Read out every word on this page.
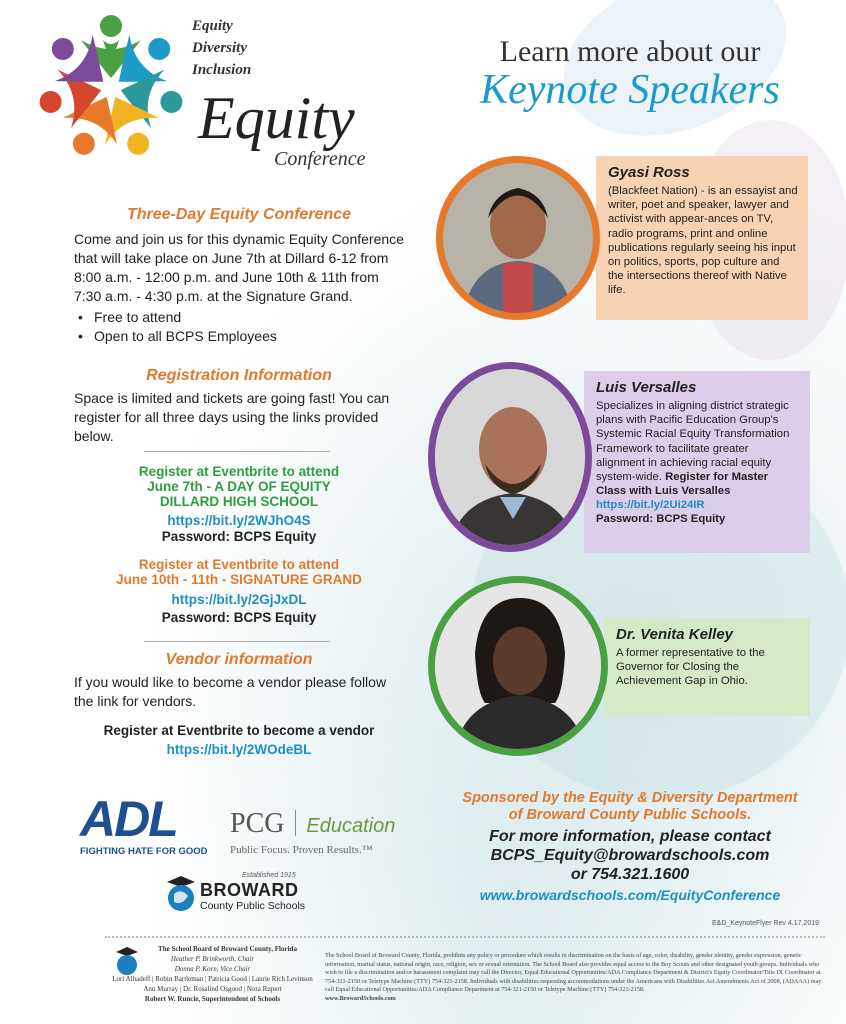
Equity
Diversity
Inclusion
Equity
Conference
Learn more about our
Keynote Speakers
Three-Day Equity Conference
Come and join us for this dynamic Equity Conference that will take place on June 7th at Dillard 6-12 from 8:00 a.m. - 12:00 p.m. and June 10th & 11th from 7:30 a.m. - 4:30 p.m. at the Signature Grand.
• Free to attend
• Open to all BCPS Employees
Registration Information
Space is limited and tickets are going fast! You can register for all three days using the links provided below.
Register at Eventbrite to attend
June 7th - A DAY OF EQUITY
DILLARD HIGH SCHOOL
https://bit.ly/2WJhO4S
Password: BCPS Equity
Register at Eventbrite to attend
June 10th - 11th - SIGNATURE GRAND
https://bit.ly/2GjJxDL
Password: BCPS Equity
Vendor information
If you would like to become a vendor please follow the link for vendors.
Register at Eventbrite to become a vendor
https://bit.ly/2WOdeBL
Gyasi Ross
(Blackfeet Nation) - is an essayist and writer, poet and speaker, lawyer and activist with appear-ances on TV, radio programs, print and online publications regularly seeing his input on politics, sports, pop culture and the intersections thereof with Native life.
Luis Versalles
Specializes in aligning district strategic plans with Pacific Education Group's Systemic Racial Equity Transformation Framework to facilitate greater alignment in achieving racial equity system-wide. Register for Master Class with Luis Versalles
https://bit.ly/2Ui24IR
Password: BCPS Equity
Dr. Venita Kelley
A former representative to the Governor for Closing the Achievement Gap in Ohio.
Sponsored by the Equity & Diversity Department
of Broward County Public Schools.
For more information, please contact
BCPS_Equity@browardschools.com
or 754.321.1600
www.browardschools.com/EquityConference
ADL
FIGHTING HATE FOR GOOD
PCG Education
Public Focus. Proven Results.™
Established 1915
BROWARD
County Public Schools
E&D_KeynoteFlyer Rev 4.17.2019
The School Board of Broward County, Florida
Heather P. Brinkworth, Chair
Donna P. Korn, Vice Chair
Lori Alhadeff | Robin Bartleman | Patricia Good | Laurie Rich Levinson
Ann Murray | Dr. Rosalind Osgood | Nora Rupert
Robert W. Runcie, Superintendent of Schools
The School Board of Broward County, Florida, prohibits any policy or procedure which results in discrimination on the basis of age, color, disability, gender identity, gender expression, genetic information, marital status, national origin, race, religion, sex or sexual orientation. The School Board also provides equal access to the Boy Scouts and other designated youth groups. Individuals who wish to file a discrimination and/or harassment complaint may call the Director, Equal Educational Opportunities/ADA Compliance Department & District's Equity Coordinator/Title IX Coordinator at 754-321-2150 or Teletype Machine (TTY) 754-321-2158. Individuals with disabilities requesting accommodations under the Americans with Disabilities Act Amendments Act of 2008, (ADAAA) may call Equal Educational Opportunities/ADA Compliance Department at 754-321-2150 or Teletype Machine (TTY) 754-321-2158.
www.BrowardSchools.com
